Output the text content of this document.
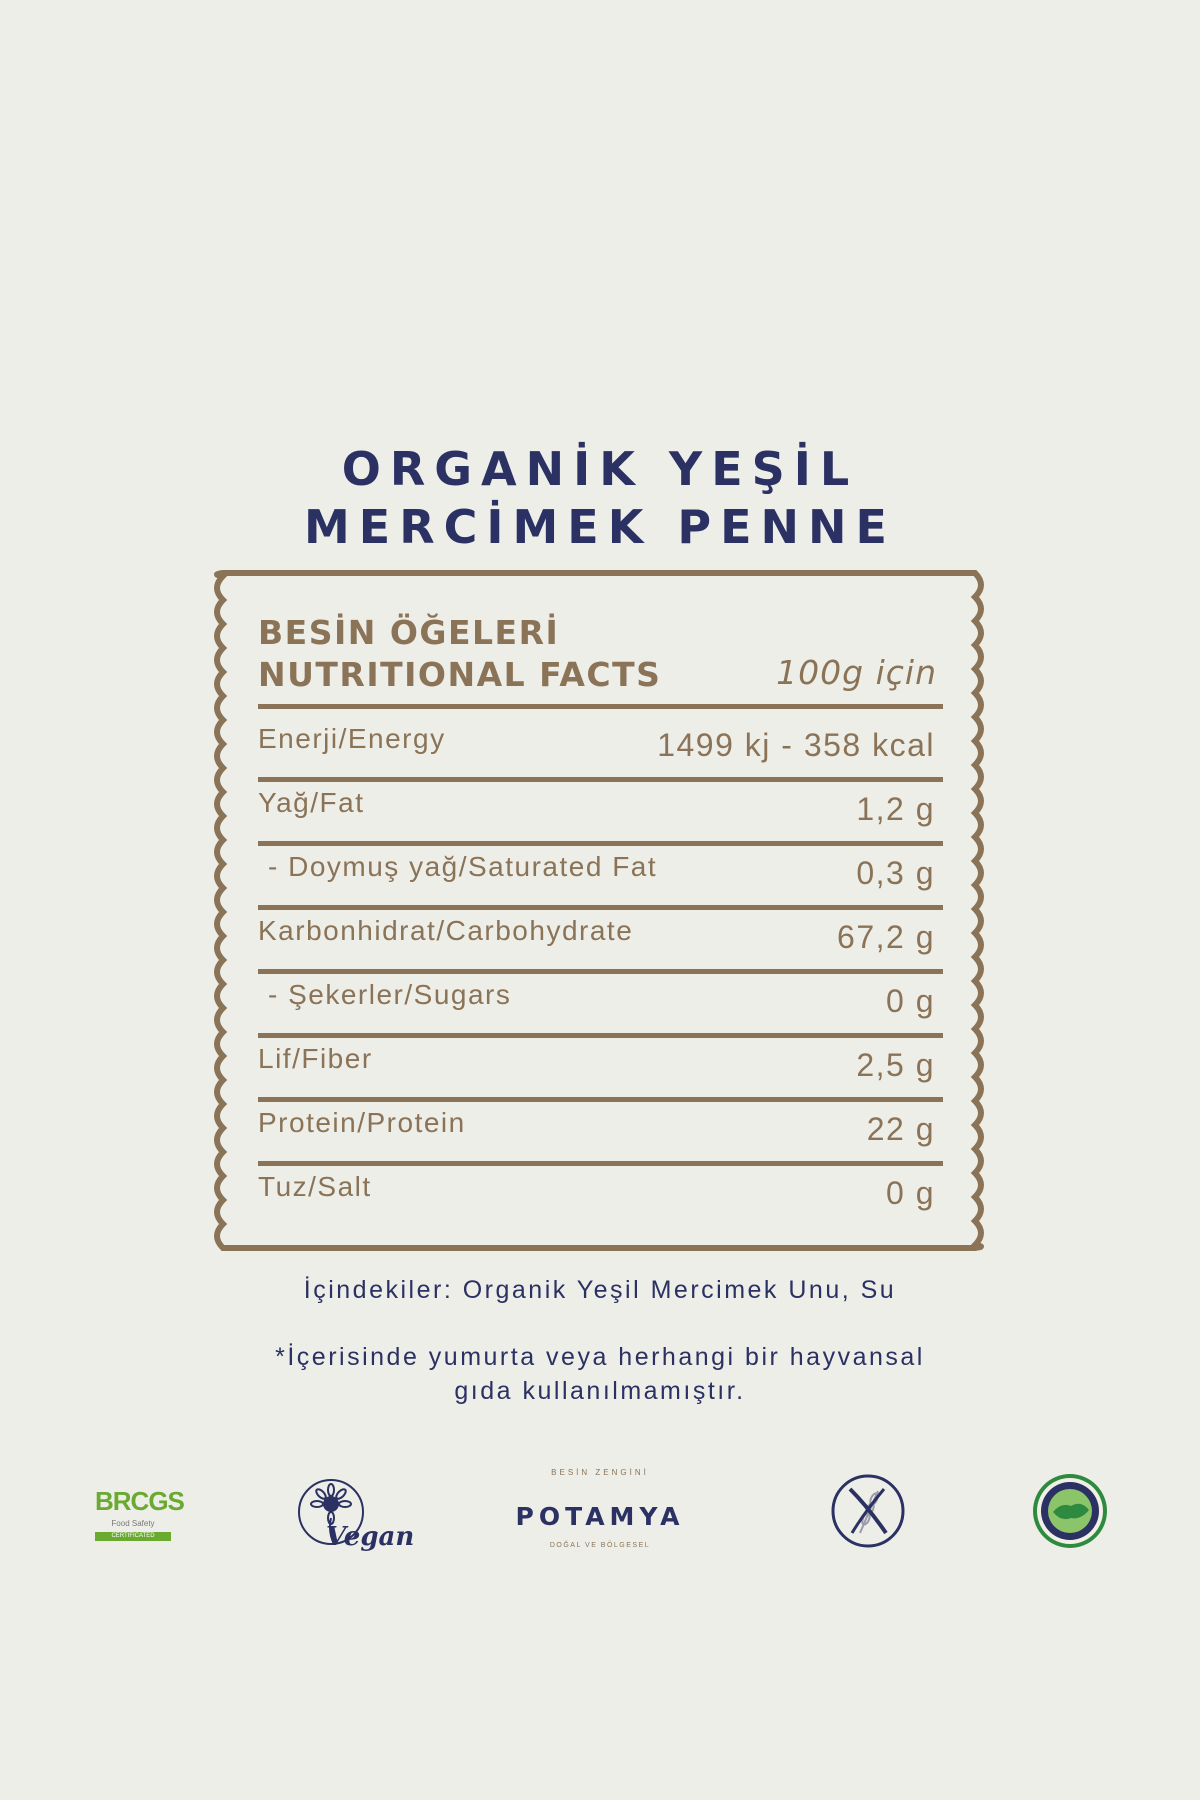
ORGANİK YEŞİL
MERCİMEK PENNE
BESİN ÖĞELERİ
NUTRITIONAL FACTS	100g için
Enerji/Energy	1499 kj - 358 kcal
Yağ/Fat	1,2 g
- Doymuş yağ/Saturated Fat	0,3 g
Karbonhidrat/Carbohydrate	67,2 g
- Şekerler/Sugars	0 g
Lif/Fiber	2,5 g
Protein/Protein	22 g
Tuz/Salt	0 g
İçindekiler: Organik Yeşil Mercimek Unu, Su
*İçerisinde yumurta veya herhangi bir hayvansal
gıda kullanılmamıştır.
BRCGS
Food Safety
CERTIFICATED	Vegan
BESİN ZENGİNİ
POTAMYA
DOĞAL VE BÖLGESEL
